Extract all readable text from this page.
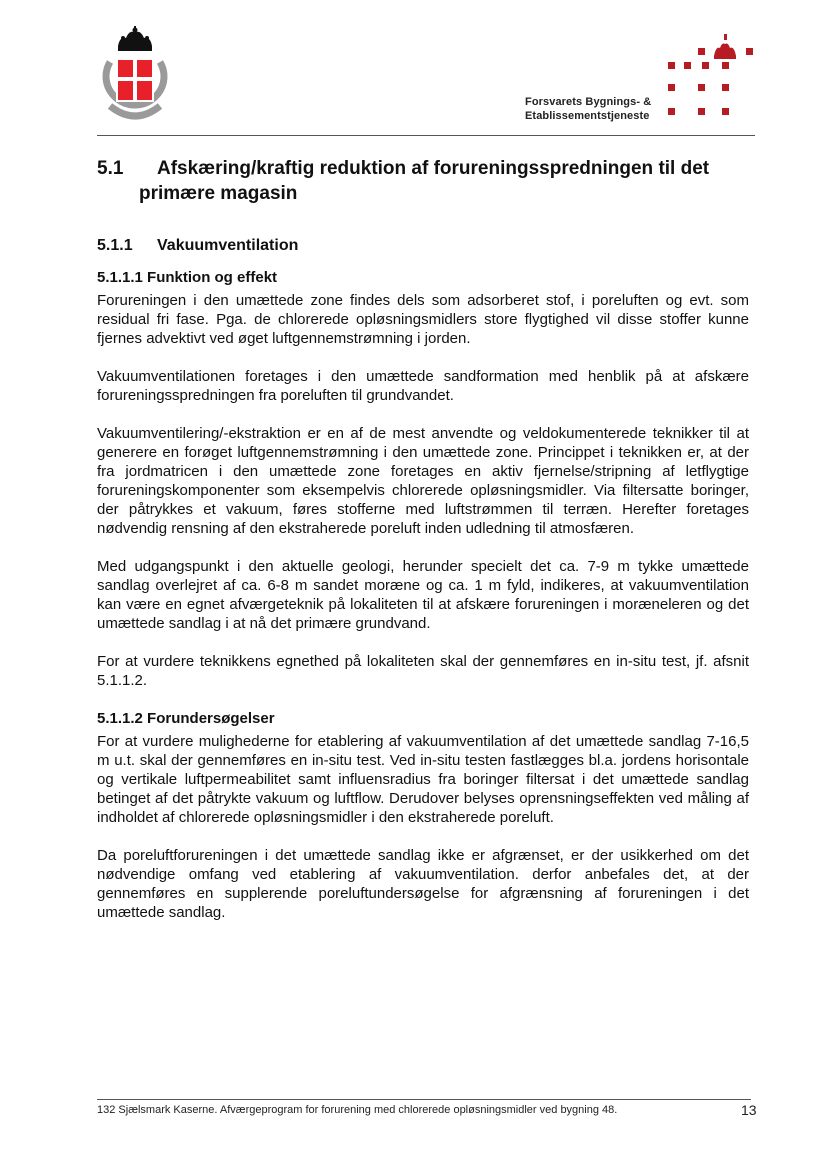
Forsvarets Bygnings- &
Etablissementstjeneste
5.1 Afskæring/kraftig reduktion af forureningsspredningen til det
primære magasin
5.1.1 Vakuumventilation
5.1.1.1 Funktion og effekt

Forureningen i den umættede zone findes dels som adsorberet stof, i poreluften og evt. som residual fri fase. Pga. de chlorerede opløsningsmidlers store flygtighed vil disse stoffer kunne fjernes advektivt ved øget luftgennemstrømning i jorden.

Vakuumventilationen foretages i den umættede sandformation med henblik på at afskære forureningsspredningen fra poreluften til grundvandet.

Vakuumventilering/-ekstraktion er en af de mest anvendte og veldokumenterede teknikker til at generere en forøget luftgennemstrømning i den umættede zone. Princippet i teknikken er, at der fra jordmatricen i den umættede zone foretages en aktiv fjernelse/stripning af letflygtige forureningskomponenter som eksempelvis chlorerede opløsningsmidler. Via filtersatte boringer, der påtrykkes et vakuum, føres stofferne med luftstrømmen til terræn. Herefter foretages nødvendig rensning af den ekstraherede poreluft inden udledning til atmosfæren.

Med udgangspunkt i den aktuelle geologi, herunder specielt det ca. 7-9 m tykke umættede sandlag overlejret af ca. 6-8 m sandet moræne og ca. 1 m fyld, indikeres, at vakuumventilation kan være en egnet afværgeteknik på lokaliteten til at afskære forureningen i moræneleren og det umættede sandlag i at nå det primære grundvand.

For at vurdere teknikkens egnethed på lokaliteten skal der gennemføres en in-situ test, jf. afsnit 5.1.1.2.

5.1.1.2 Forundersøgelser

For at vurdere mulighederne for etablering af vakuumventilation af det umættede sandlag 7-16,5 m u.t. skal der gennemføres en in-situ test. Ved in-situ testen fastlægges bl.a. jordens horisontale og vertikale luftpermeabilitet samt influensradius fra boringer filtersat i det umættede sandlag betinget af det påtrykte vakuum og luftflow. Derudover belyses oprensningseffekten ved måling af indholdet af chlorerede opløsningsmidler i den ekstraherede poreluft.

Da poreluftforureningen i det umættede sandlag ikke er afgrænset, er der usikkerhed om det nødvendige omfang ved etablering af vakuumventilation. derfor anbefales det, at der gennemføres en supplerende poreluftundersøgelse for afgrænsning af forureningen i det umættede sandlag.

132 Sjælsmark Kaserne. Afværgeprogram for forurening med chlorerede opløsningsmidler ved bygning 48.	13
